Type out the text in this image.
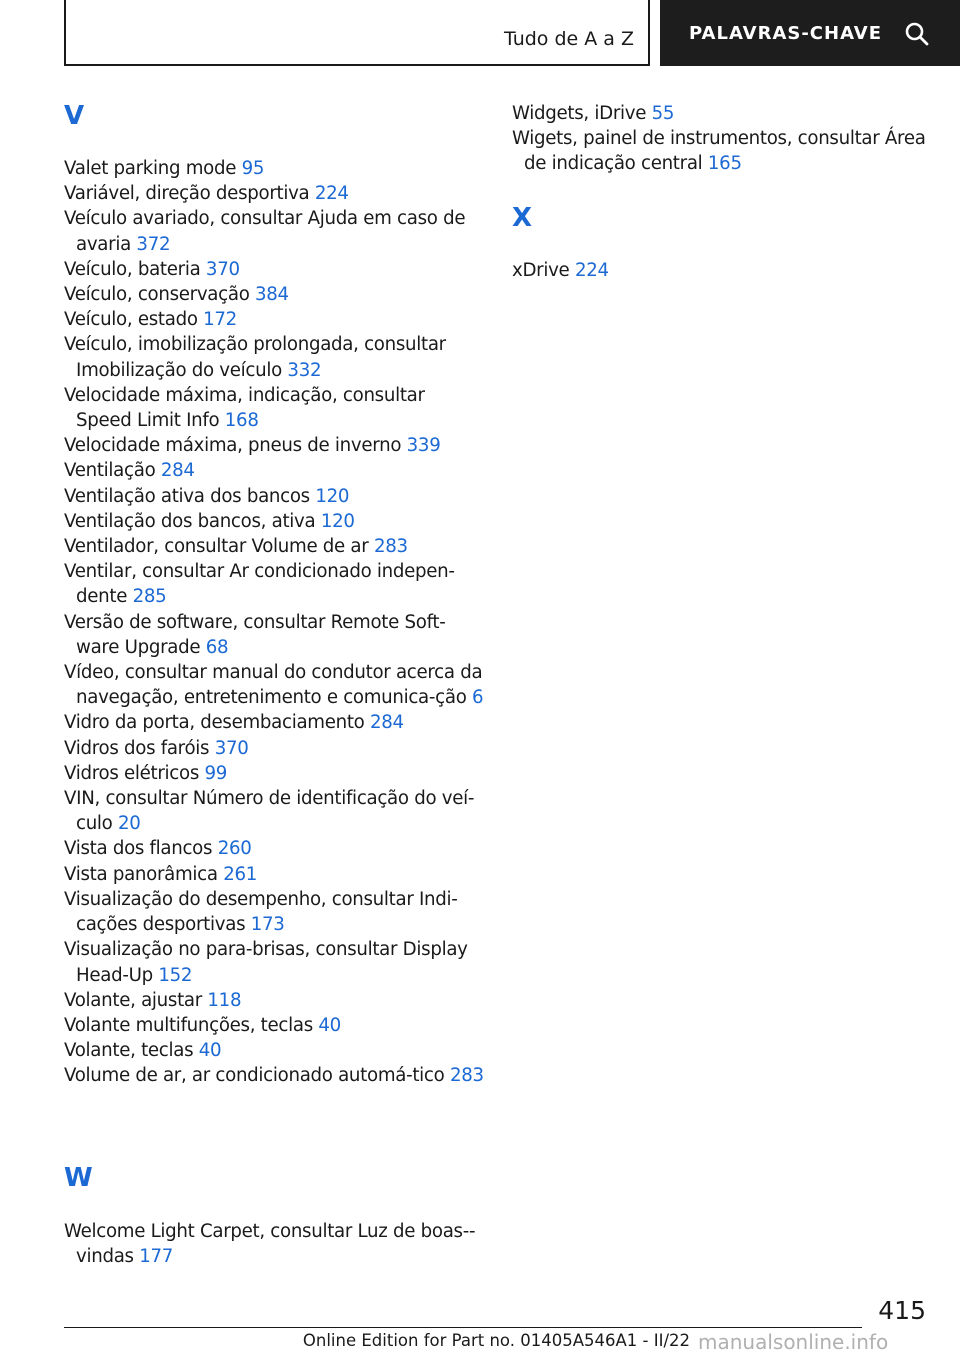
Tudo de A a Z	PALAVRAS-CHAVE
V
Valet parking mode 95
Variável, direção desportiva 224
Veículo avariado, consultar Ajuda em caso de avaria 372
Veículo, bateria 370
Veículo, conservação 384
Veículo, estado 172
Veículo, imobilização prolongada, consultar Imobilização do veículo 332
Velocidade máxima, indicação, consultar Speed Limit Info 168
Velocidade máxima, pneus de inverno 339
Ventilação 284
Ventilação ativa dos bancos 120
Ventilação dos bancos, ativa 120
Ventilador, consultar Volume de ar 283
Ventilar, consultar Ar condicionado indepen-dente 285
Versão de software, consultar Remote Soft-ware Upgrade 68
Vídeo, consultar manual do condutor acerca da navegação, entretenimento e comunica-ção 6
Vidro da porta, desembaciamento 284
Vidros dos faróis 370
Vidros elétricos 99
VIN, consultar Número de identificação do veí-culo 20
Vista dos flancos 260
Vista panorâmica 261
Visualização do desempenho, consultar Indi-cações desportivas 173
Visualização no para-brisas, consultar Display Head-Up 152
Volante, ajustar 118
Volante multifunções, teclas 40
Volante, teclas 40
Volume de ar, ar condicionado automá-tico 283
W
Welcome Light Carpet, consultar Luz de boas--vindas 177
Widgets, iDrive 55
Wigets, painel de instrumentos, consultar Área de indicação central 165
X
xDrive 224
415
Online Edition for Part no. 01405A546A1 - II/22 manualsonline.info
